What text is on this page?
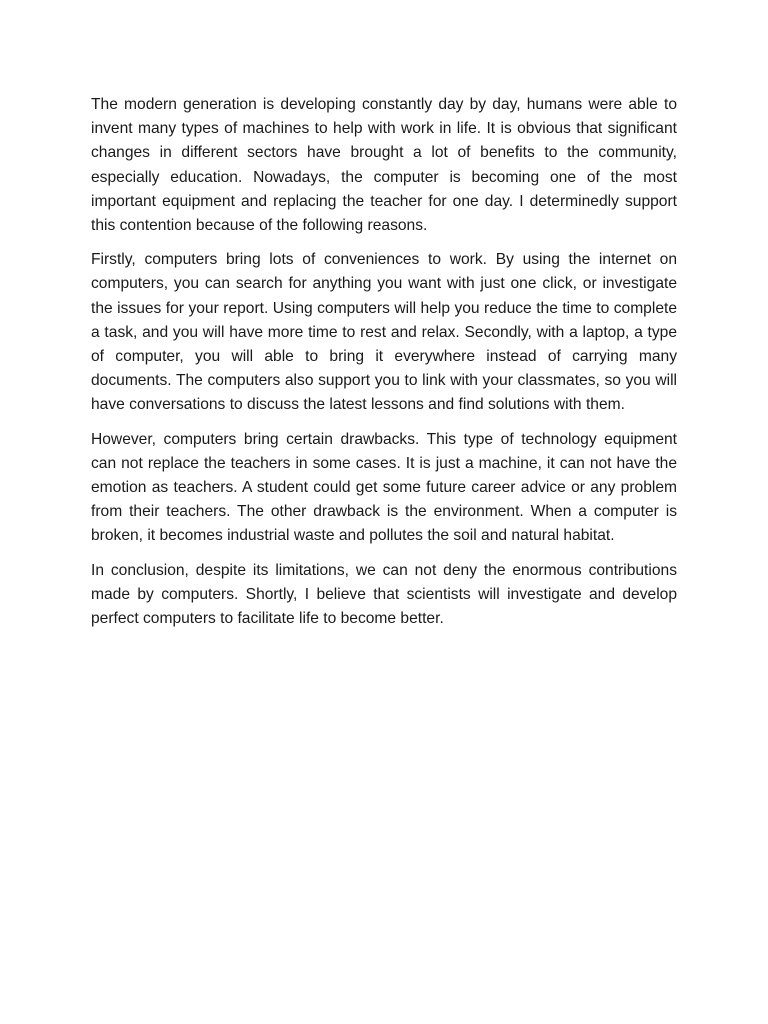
The modern generation is developing constantly day by day, humans were able to invent many types of machines to help with work in life. It is obvious that significant changes in different sectors have brought a lot of benefits to the community, especially education. Nowadays, the computer is becoming one of the most important equipment and replacing the teacher for one day. I determinedly support this contention because of the following reasons.

Firstly, computers bring lots of conveniences to work. By using the internet on computers, you can search for anything you want with just one click, or investigate the issues for your report. Using computers will help you reduce the time to complete a task, and you will have more time to rest and relax. Secondly, with a laptop, a type of computer, you will able to bring it everywhere instead of carrying many documents. The computers also support you to link with your classmates, so you will have conversations to discuss the latest lessons and find solutions with them.

However, computers bring certain drawbacks. This type of technology equipment can not replace the teachers in some cases. It is just a machine, it can not have the emotion as teachers. A student could get some future career advice or any problem from their teachers. The other drawback is the environment. When a computer is broken, it becomes industrial waste and pollutes the soil and natural habitat.

In conclusion, despite its limitations, we can not deny the enormous contributions made by computers. Shortly, I believe that scientists will investigate and develop perfect computers to facilitate life to become better.
